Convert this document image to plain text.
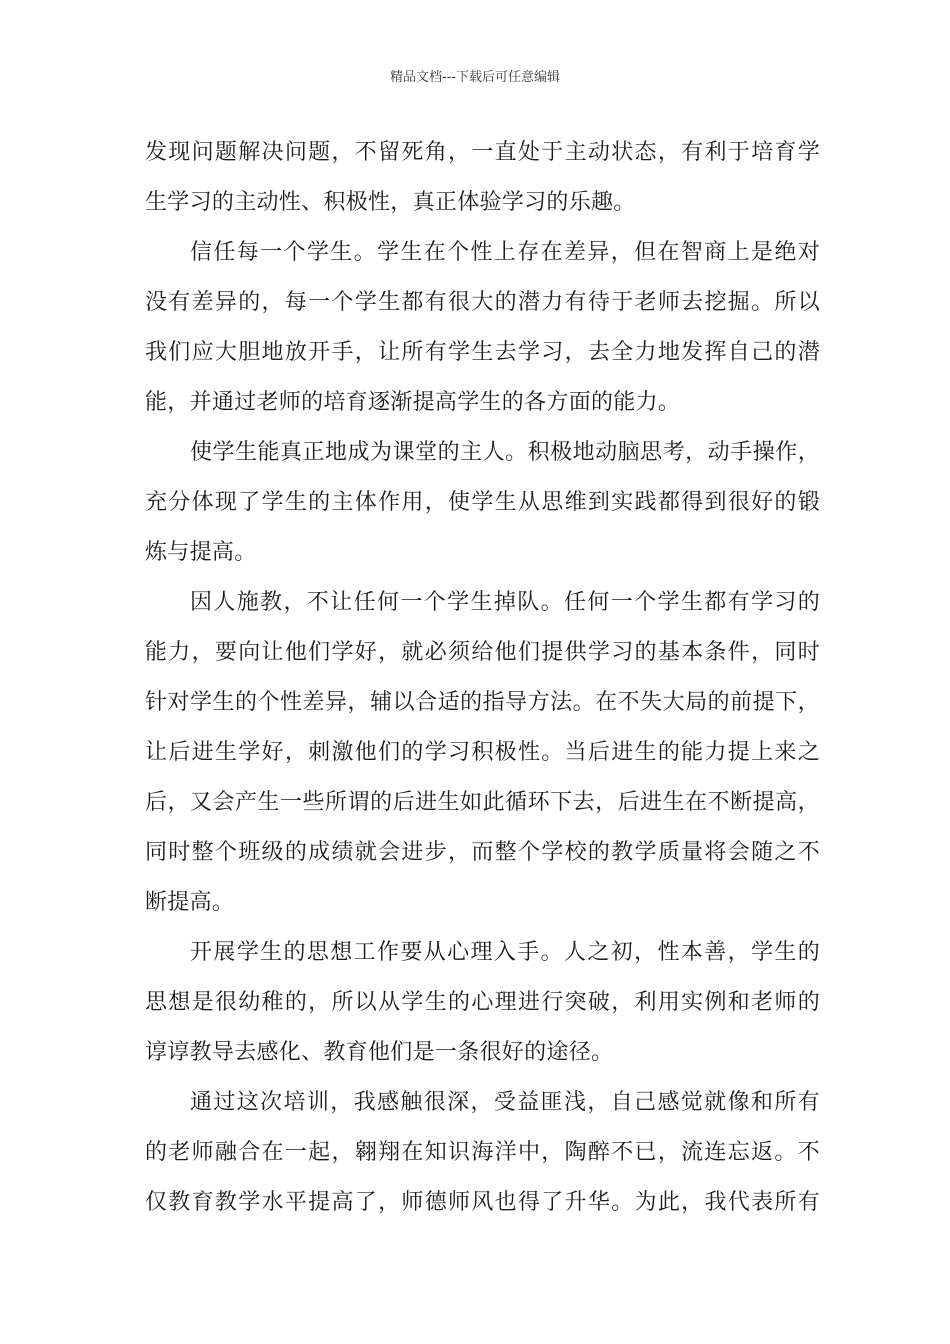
精品文档---下载后可任意编辑
发现问题解决问题，不留死角，一直处于主动状态，有利于培育学
生学习的主动性、积极性，真正体验学习的乐趣。
信任每一个学生。学生在个性上存在差异，但在智商上是绝对
没有差异的，每一个学生都有很大的潜力有待于老师去挖掘。所以
我们应大胆地放开手，让所有学生去学习，去全力地发挥自己的潜
能，并通过老师的培育逐渐提高学生的各方面的能力。
使学生能真正地成为课堂的主人。积极地动脑思考，动手操作，
充分体现了学生的主体作用，使学生从思维到实践都得到很好的锻
炼与提高。
因人施教，不让任何一个学生掉队。任何一个学生都有学习的
能力，要向让他们学好，就必须给他们提供学习的基本条件，同时
针对学生的个性差异，辅以合适的指导方法。在不失大局的前提下，
让后进生学好，刺激他们的学习积极性。当后进生的能力提上来之
后，又会产生一些所谓的后进生如此循环下去，后进生在不断提高，
同时整个班级的成绩就会进步，而整个学校的教学质量将会随之不
断提高。
开展学生的思想工作要从心理入手。人之初，性本善，学生的
思想是很幼稚的，所以从学生的心理进行突破，利用实例和老师的
谆谆教导去感化、教育他们是一条很好的途径。
通过这次培训，我感触很深，受益匪浅，自己感觉就像和所有
的老师融合在一起，翱翔在知识海洋中，陶醉不已，流连忘返。不
仅教育教学水平提高了，师德师风也得了升华。为此，我代表所有
